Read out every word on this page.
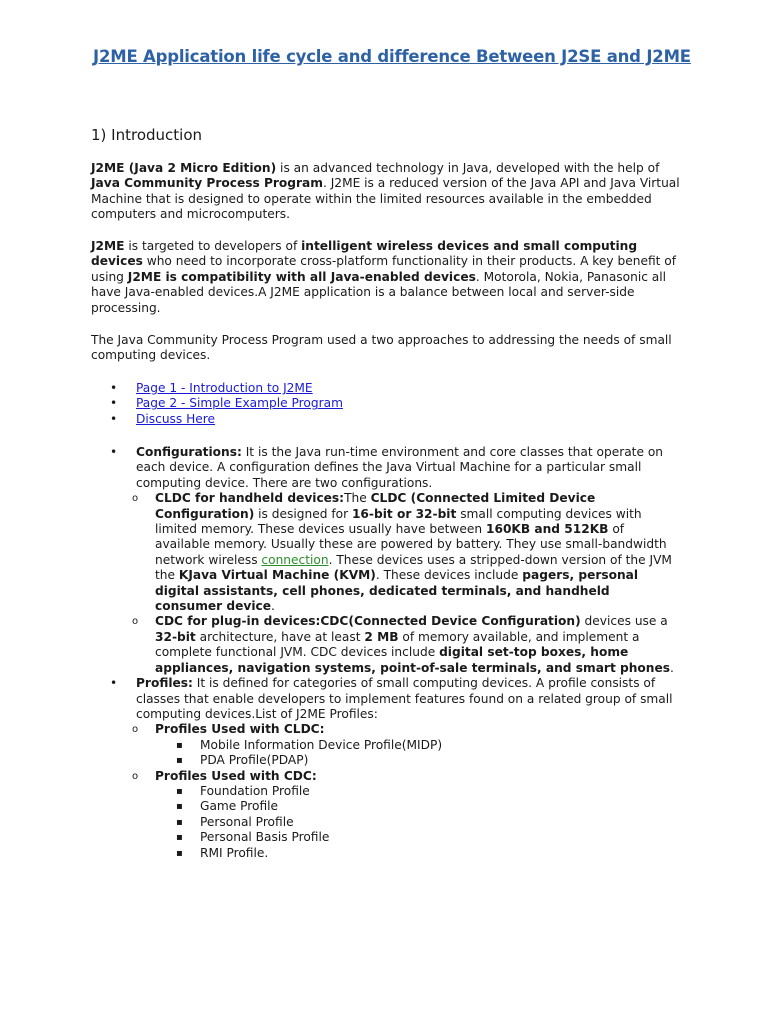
J2ME Application life cycle and difference Between J2SE and J2ME
1) Introduction

J2ME (Java 2 Micro Edition) is an advanced technology in Java, developed with the help of Java Community Process Program. J2ME is a reduced version of the Java API and Java Virtual Machine that is designed to operate within the limited resources available in the embedded computers and microcomputers.

J2ME is targeted to developers of intelligent wireless devices and small computing devices who need to incorporate cross-platform functionality in their products. A key benefit of using J2ME is compatibility with all Java-enabled devices. Motorola, Nokia, Panasonic all have Java-enabled devices.A J2ME application is a balance between local and server-side processing.

The Java Community Process Program used a two approaches to addressing the needs of small computing devices.

• Page 1 - Introduction to J2ME
• Page 2 - Simple Example Program
• Discuss Here
• Configurations: It is the Java run-time environment and core classes that operate on each device. A configuration defines the Java Virtual Machine for a particular small computing device. There are two configurations.
o CLDC for handheld devices:The CLDC (Connected Limited Device Configuration) is designed for 16-bit or 32-bit small computing devices with limited memory. These devices usually have between 160KB and 512KB of available memory. Usually these are powered by battery. They use small-bandwidth network wireless connection. These devices uses a stripped-down version of the JVM the KJava Virtual Machine (KVM). These devices include pagers, personal digital assistants, cell phones, dedicated terminals, and handheld consumer device.
o CDC for plug-in devices:CDC(Connected Device Configuration) devices use a 32-bit architecture, have at least 2 MB of memory available, and implement a complete functional JVM. CDC devices include digital set-top boxes, home appliances, navigation systems, point-of-sale terminals, and smart phones.
• Profiles: It is defined for categories of small computing devices. A profile consists of classes that enable developers to implement features found on a related group of small computing devices.List of J2ME Profiles:
o Profiles Used with CLDC:
▪ Mobile Information Device Profile(MIDP)
▪ PDA Profile(PDAP)
o Profiles Used with CDC:
▪ Foundation Profile
▪ Game Profile
▪ Personal Profile
▪ Personal Basis Profile
▪ RMI Profile.
